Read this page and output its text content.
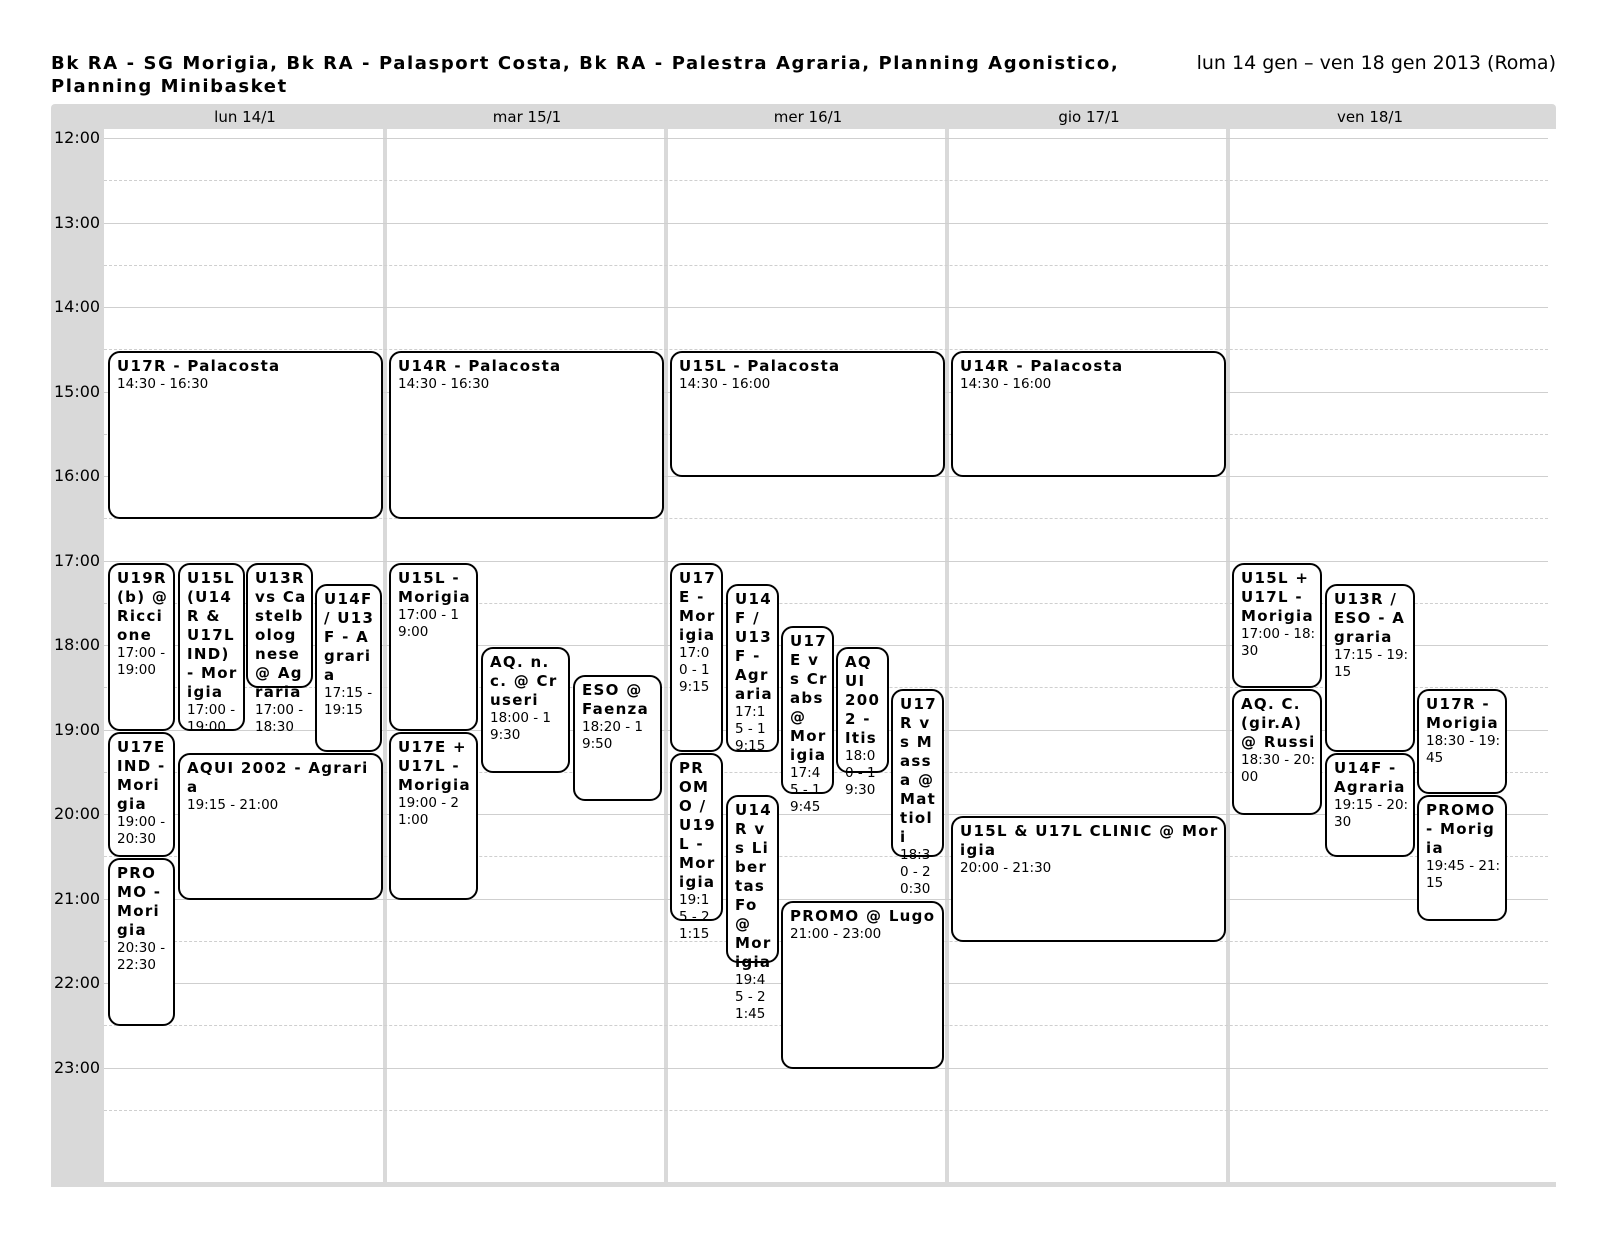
Bk RA - SG Morigia, Bk RA - Palasport Costa, Bk RA - Palestra Agraria, Planning Agonistico, Planning Minibasket
lun 14 gen – ven 18 gen 2013 (Roma)
lun 14/1	mar 15/1	mer 16/1	gio 17/1	ven 18/1
12:00
13:00
14:00
15:00
16:00
17:00
18:00
19:00
20:00
21:00
22:00
23:00
U17R - Palacosta
14:30 - 16:30
U19R (b) @ Riccione
17:00 - 19:00
U15L (U14R & U17LIND) - Morigia
17:00 - 19:00
U13R vs Castelbolognese @ Agraria
17:00 - 18:30
U14F / U13F - Agraria
17:15 - 19:15
U17EIND - Morigia
19:00 - 20:30
AQUI 2002 - Agraria
19:15 - 21:00
PROMO - Morigia
20:30 - 22:30
U14R - Palacosta
14:30 - 16:30
U15L - Morigia
17:00 - 19:00
AQ. n.c. @ Cruseri
18:00 - 19:30
ESO @ Faenza
18:20 - 19:50
U17E + U17L - Morigia
19:00 - 21:00
U15L - Palacosta
14:30 - 16:00
U17E - Morigia
17:00 - 19:15
U14F / U13F - Agraria
17:15 - 19:15
U17E vs Crabs @ Morigia
17:45 - 19:45
AQUI 2002 - Itis
18:00 - 19:30
U17R vs Massa @ Mattioli
18:30 - 20:30
PROMO / U19L - Morigia
19:15 - 21:15
U14R vs Libertas Fo @ Morigia
19:45 - 21:45
PROMO @ Lugo
21:00 - 23:00
U14R - Palacosta
14:30 - 16:00
U15L & U17L CLINIC @ Morigia
20:00 - 21:30
U15L + U17L - Morigia
17:00 - 18:30
U13R / ESO - Agraria
17:15 - 19:15
AQ. C. (gir.A) @ Russi
18:30 - 20:00
U17R - Morigia
18:30 - 19:45
U14F - Agraria
19:15 - 20:30
PROMO - Morigia
19:45 - 21:15
